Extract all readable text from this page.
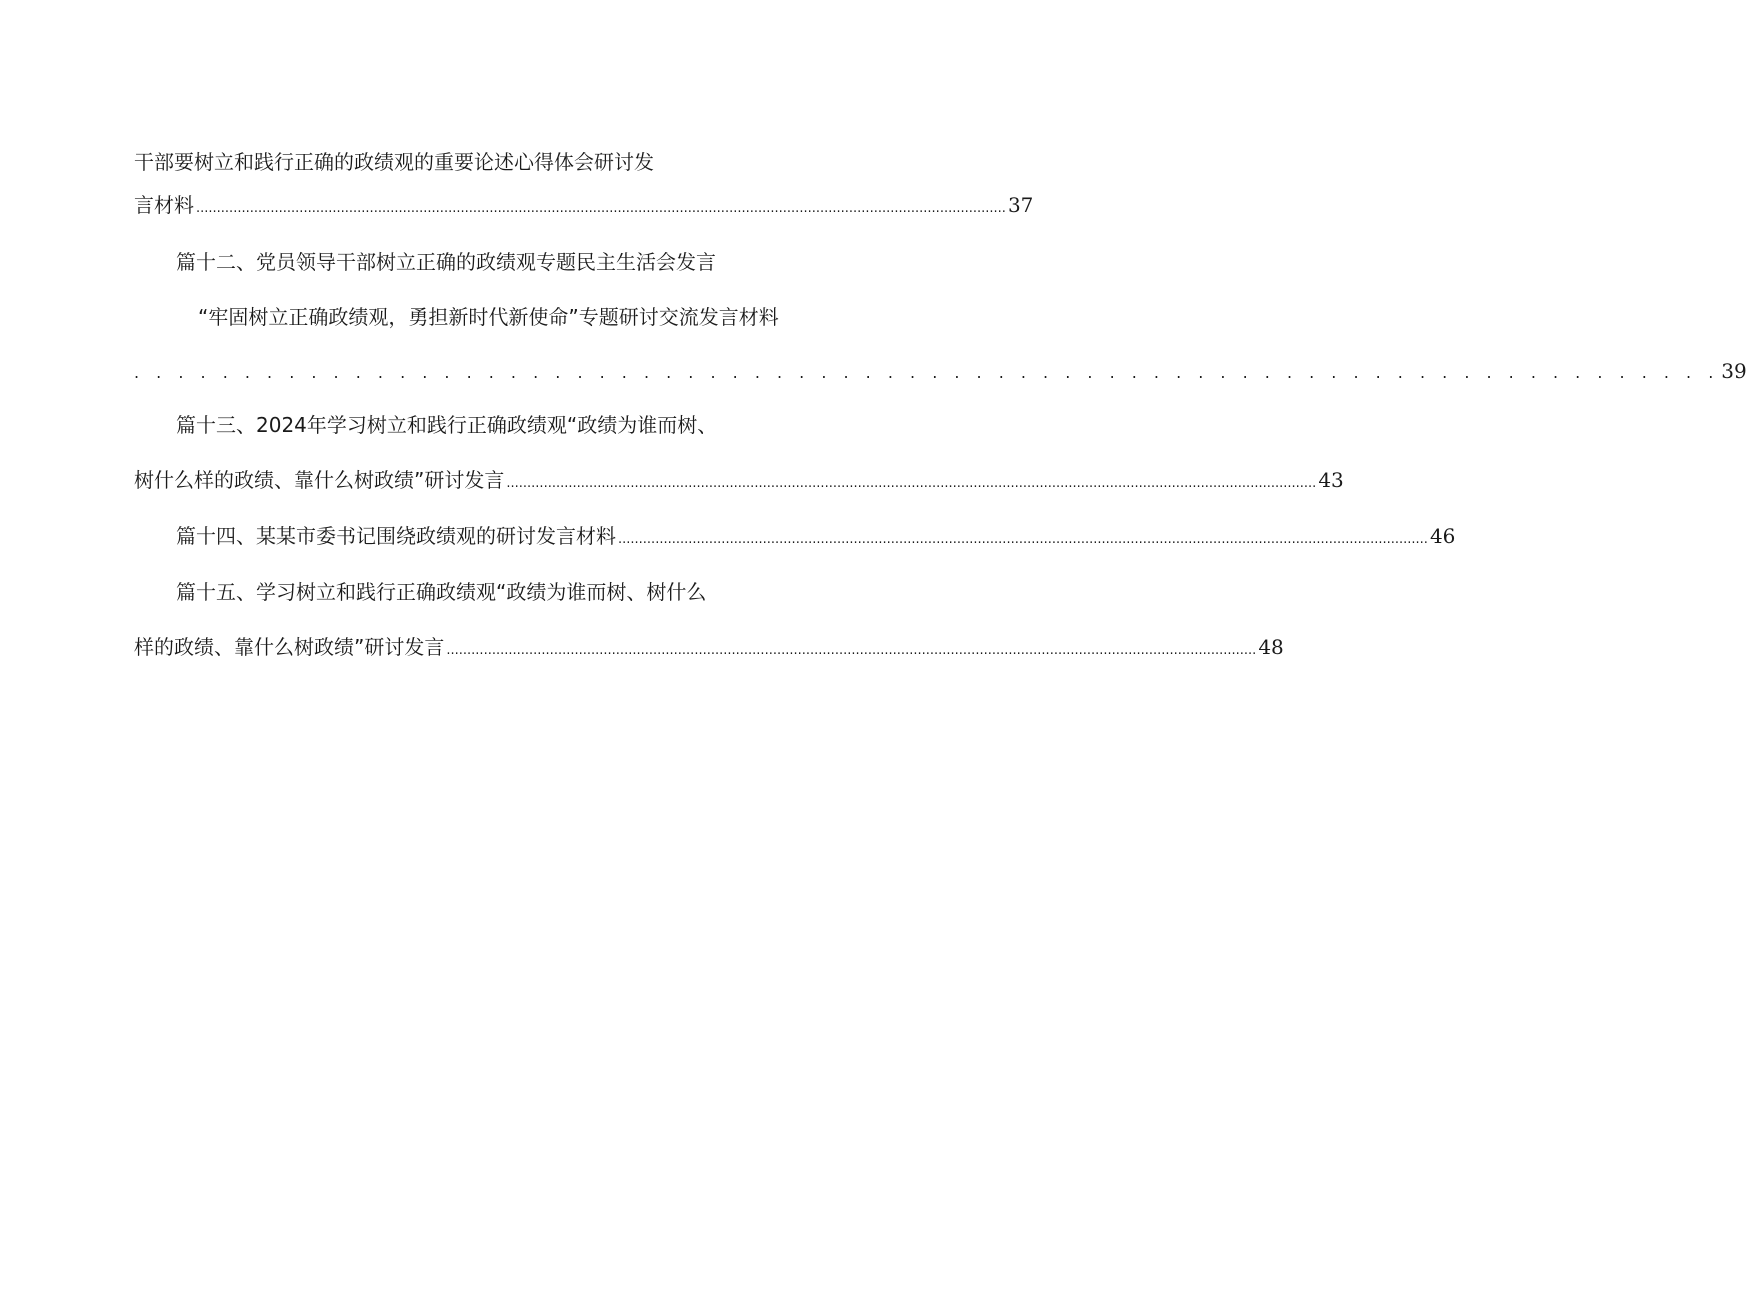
干部要树立和践行正确的政绩观的重要论述心得体会研讨发
言材料 .................................................................................................................................................................................................... 37
篇十二、党员领导干部树立正确的政绩观专题民主生活会发言
“牢固树立正确政绩观，勇担新时代新使命”专题研讨交流发言材料
. . . . . . . . . . . . . . . . . . . . . . . . . . . . . . . . . . . . . . . . . . . . . . . . . . . . . . . . . . . . . . . . . . . . . . . . 39
篇十三、2024年学习树立和践行正确政绩观“政绩为谁而树、
树什么样的政绩、靠什么树政绩”研讨发言 .................................................................................................................................................................................................... 43
篇十四、某某市委书记围绕政绩观的研讨发言材料 .................................................................................................................................................................................................... 46
篇十五、学习树立和践行正确政绩观“政绩为谁而树、树什么
样的政绩、靠什么树政绩”研讨发言 .................................................................................................................................................................................................... 48
